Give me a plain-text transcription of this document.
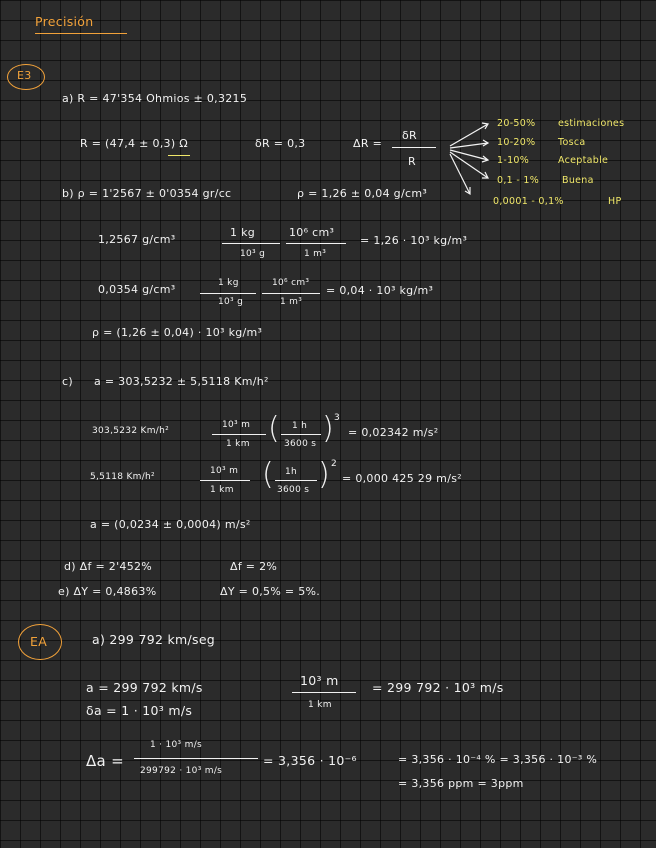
Precisión
E3
a) R = 47'354 Ohmios ± 0,3215
R = (47,4 ± 0,3) Ω	δR = 0,3	ΔR =
δR
R
20-50% estimaciones
10-20% Tosca
1-10%	Aceptable
0,1 - 1% Buena
0,0001 - 0,1%	HP
b) ρ = 1'2567 ± 0'0354 gr/cc	ρ = 1,26 ± 0,04 g/cm³
1,2567 g/cm³
1 kg
10³ g
10⁶ cm³
1 m³
= 1,26 · 10³ kg/m³
0,0354 g/cm³	1 kg
10³ g
10⁶ cm³
1 m³
= 0,04 · 10³ kg/m³
ρ = (1,26 ± 0,04) · 10³ kg/m³
c) a = 303,5232 ± 5,5118 Km/h²
303,5232 Km/h²
10³ m
1 km ( 1 h
3600 s ) 3
= 0,02342 m/s²
5,5118 Km/h²
10³ m
1 km ( 1h
3600 s ) 2
= 0,000 425 29 m/s²
a = (0,0234 ± 0,0004) m/s²
d) Δf = 2'452%	Δf = 2%
e) ΔY = 0,4863%	ΔY = 0,5% = 5%.
EA	a) 299 792 km/seg
a = 299 792 km/s	10³ m
1 km
= 299 792 · 10³ m/s
δa = 1 · 10³ m/s
Δa =
1 · 10³ m/s
299792 · 10³ m/s
= 3,356 · 10⁻⁶	= 3,356 · 10⁻⁴ % = 3,356 · 10⁻³ %
= 3,356 ppm = 3ppm
